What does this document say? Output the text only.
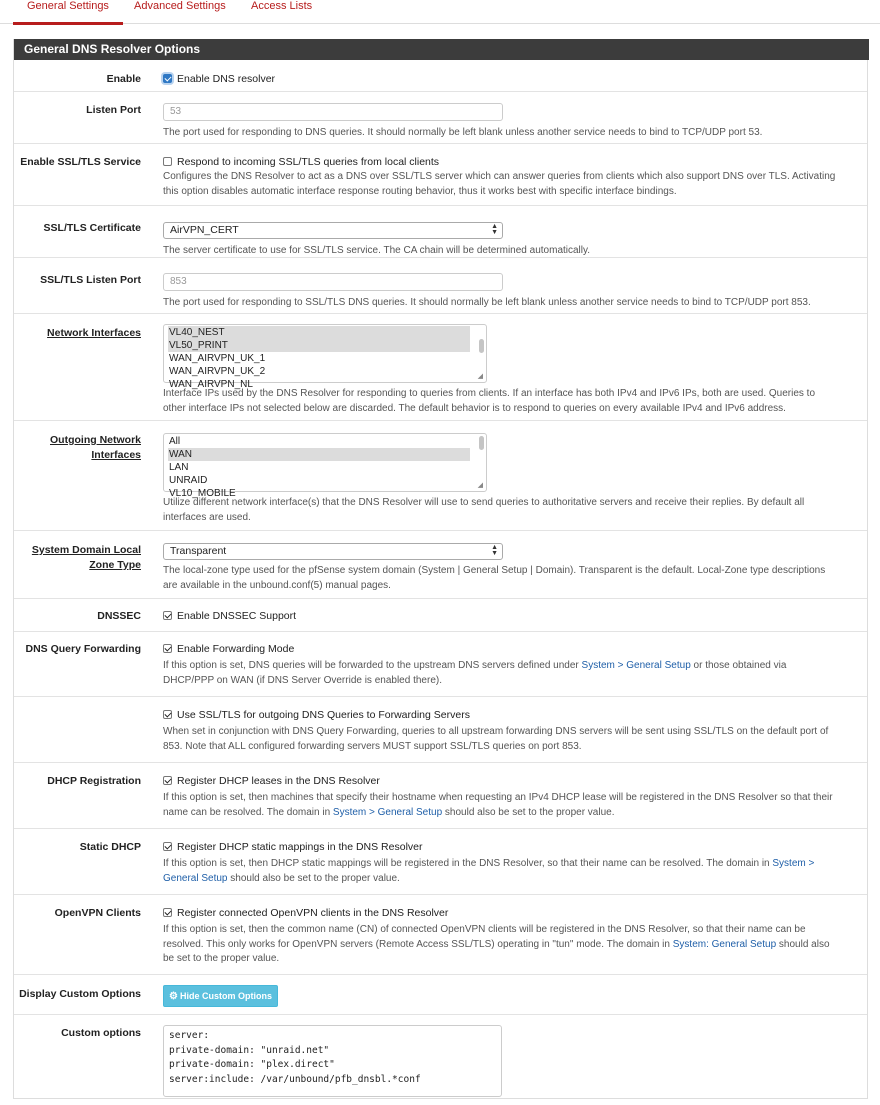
General Settings Advanced Settings Access Lists
General DNS Resolver Options
Enable	Enable DNS resolver
Listen Port	53
The port used for responding to DNS queries. It should normally be left blank unless another service needs to bind to TCP/UDP port 53.
Enable SSL/TLS Service	Respond to incoming SSL/TLS queries from local clients
Configures the DNS Resolver to act as a DNS over SSL/TLS server which can answer queries from clients which also support DNS over TLS. Activating
this option disables automatic interface response routing behavior, thus it works best with specific interface bindings.
SSL/TLS Certificate	AirVPN_CERT	▲
▼
The server certificate to use for SSL/TLS service. The CA chain will be determined automatically.
SSL/TLS Listen Port	853
The port used for responding to SSL/TLS DNS queries. It should normally be left blank unless another service needs to bind to TCP/UDP port 853.
Network Interfaces	VL40_NEST
VL50_PRINT
WAN_AIRVPN_UK_1
WAN_AIRVPN_UK_2
WAN_AIRVPN_NL
◢
Interface IPs used by the DNS Resolver for responding to queries from clients. If an interface has both IPv4 and IPv6 IPs, both are used. Queries to
other interface IPs not selected below are discarded. The default behavior is to respond to queries on every available IPv4 and IPv6 address.
Outgoing Network
Interfaces
All
WAN
LAN
UNRAID
VL10_MOBILE
◢
Utilize different network interface(s) that the DNS Resolver will use to send queries to authoritative servers and receive their replies. By default all
interfaces are used.
System Domain Local
Zone Type
Transparent	▲
▼
The local-zone type used for the pfSense system domain (System | General Setup | Domain). Transparent is the default. Local-Zone type descriptions
are available in the unbound.conf(5) manual pages.
DNSSEC	Enable DNSSEC Support
DNS Query Forwarding	Enable Forwarding Mode
If this option is set, DNS queries will be forwarded to the upstream DNS servers defined under System > General Setup or those obtained via
DHCP/PPP on WAN (if DNS Server Override is enabled there).
Use SSL/TLS for outgoing DNS Queries to Forwarding Servers
When set in conjunction with DNS Query Forwarding, queries to all upstream forwarding DNS servers will be sent using SSL/TLS on the default port of
853. Note that ALL configured forwarding servers MUST support SSL/TLS queries on port 853.
DHCP Registration	Register DHCP leases in the DNS Resolver
If this option is set, then machines that specify their hostname when requesting an IPv4 DHCP lease will be registered in the DNS Resolver so that their
name can be resolved. The domain in System > General Setup should also be set to the proper value.
Static DHCP	Register DHCP static mappings in the DNS Resolver
If this option is set, then DHCP static mappings will be registered in the DNS Resolver, so that their name can be resolved. The domain in System >
General Setup should also be set to the proper value.
OpenVPN Clients	Register connected OpenVPN clients in the DNS Resolver
If this option is set, then the common name (CN) of connected OpenVPN clients will be registered in the DNS Resolver, so that their name can be
resolved. This only works for OpenVPN servers (Remote Access SSL/TLS) operating in "tun" mode. The domain in System: General Setup should also
be set to the proper value.
Display Custom Options	⚙ Hide Custom Options
Custom options	server:
private-domain: "unraid.net"
private-domain: "plex.direct"
server:include: /var/unbound/pfb_dnsbl.*conf
